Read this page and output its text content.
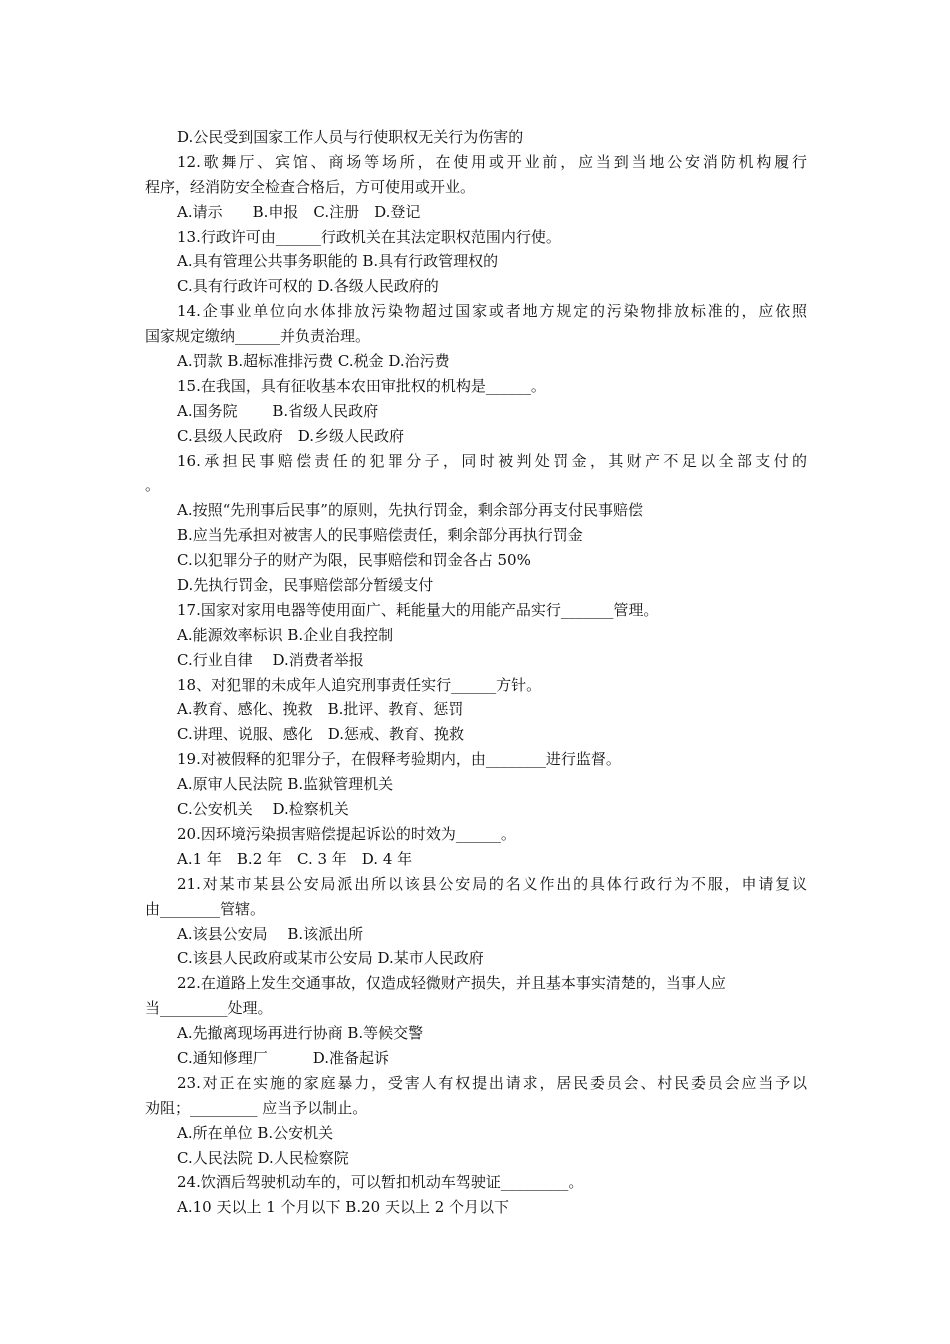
D.公民受到国家工作人员与行使职权无关行为伤害的
12.歌舞厅、宾馆、商场等场所，在使用或开业前，应当到当地公安消防机构履行
程序，经消防安全检查合格后，方可使用或开业。
A.请示　　B.申报　C.注册　D.登记
13.行政许可由______行政机关在其法定职权范围内行使。
A.具有管理公共事务职能的 B.具有行政管理权的
C.具有行政许可权的 D.各级人民政府的
14.企事业单位向水体排放污染物超过国家或者地方规定的污染物排放标准的，应依照
国家规定缴纳______并负责治理。
A.罚款 B.超标准排污费 C.税金 D.治污费
15.在我国，具有征收基本农田审批权的机构是______。
A.国务院　　 B.省级人民政府
C.县级人民政府　D.乡级人民政府
16.承担民事赔偿责任的犯罪分子，同时被判处罚金，其财产不足以全部支付的
。
A.按照“先刑事后民事”的原则，先执行罚金，剩余部分再支付民事赔偿
B.应当先承担对被害人的民事赔偿责任，剩余部分再执行罚金
C.以犯罪分子的财产为限，民事赔偿和罚金各占 50%
D.先执行罚金，民事赔偿部分暂缓支付
17.国家对家用电器等使用面广、耗能量大的用能产品实行_______管理。
A.能源效率标识 B.企业自我控制
C.行业自律　 D.消费者举报
18、对犯罪的未成年人追究刑事责任实行______方针。
A.教育、感化、挽救　B.批评、教育、惩罚
C.讲理、说服、感化　D.惩戒、教育、挽救
19.对被假释的犯罪分子，在假释考验期内，由________进行监督。
A.原审人民法院 B.监狱管理机关
C.公安机关　 D.检察机关
20.因环境污染损害赔偿提起诉讼的时效为______。
A.1 年　B.2 年　C. 3 年　D. 4 年
21.对某市某县公安局派出所以该县公安局的名义作出的具体行政行为不服，申请复议
由________管辖。
A.该县公安局　 B.该派出所
C.该县人民政府或某市公安局 D.某市人民政府
22.在道路上发生交通事故，仅造成轻微财产损失，并且基本事实清楚的，当事人应
当_________处理。
A.先撤离现场再进行协商 B.等候交警
C.通知修理厂　　　D.准备起诉
23.对正在实施的家庭暴力，受害人有权提出请求，居民委员会、村民委员会应当予以
劝阻；_________ 应当予以制止。
A.所在单位 B.公安机关
C.人民法院 D.人民检察院
24.饮酒后驾驶机动车的，可以暂扣机动车驾驶证_________。
A.10 天以上 1 个月以下 B.20 天以上 2 个月以下
